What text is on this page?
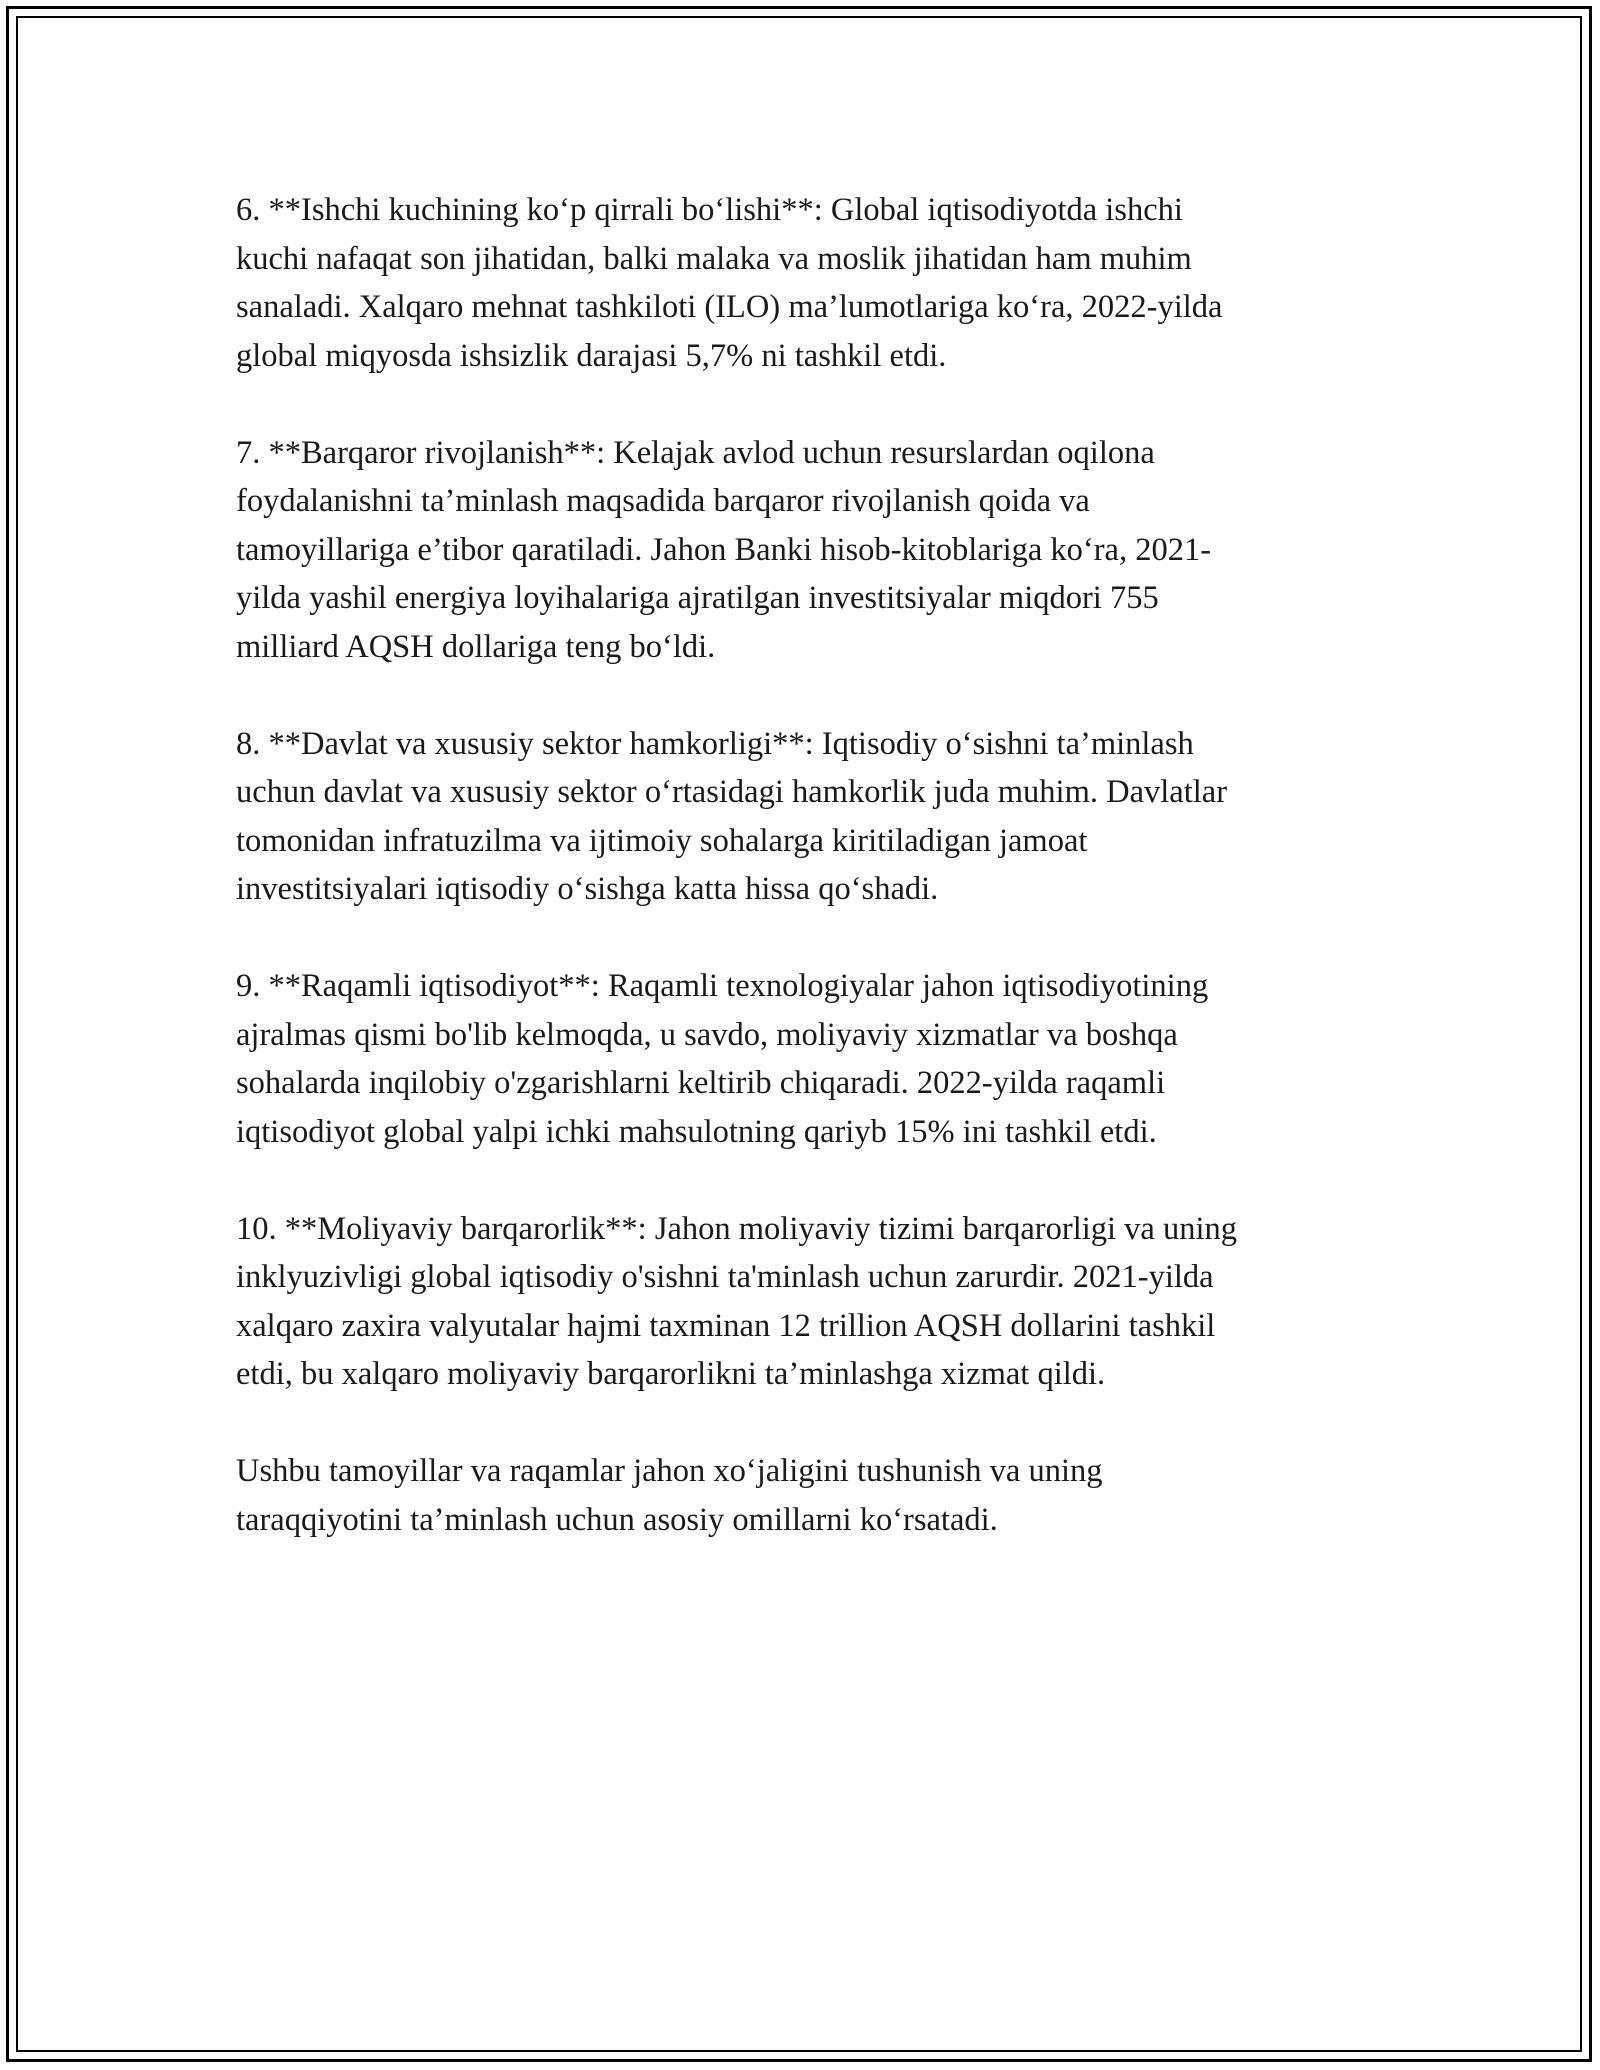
6. **Ishchi kuchining ko‘p qirrali bo‘lishi**: Global iqtisodiyotda ishchi
kuchi nafaqat son jihatidan, balki malaka va moslik jihatidan ham muhim
sanaladi. Xalqaro mehnat tashkiloti (ILO) ma’lumotlariga ko‘ra, 2022-yilda
global miqyosda ishsizlik darajasi 5,7% ni tashkil etdi.

7. **Barqaror rivojlanish**: Kelajak avlod uchun resurslardan oqilona
foydalanishni ta’minlash maqsadida barqaror rivojlanish qoida va
tamoyillariga e’tibor qaratiladi. Jahon Banki hisob-kitoblariga ko‘ra, 2021-
yilda yashil energiya loyihalariga ajratilgan investitsiyalar miqdori 755
milliard AQSH dollariga teng bo‘ldi.

8. **Davlat va xususiy sektor hamkorligi**: Iqtisodiy o‘sishni ta’minlash
uchun davlat va xususiy sektor o‘rtasidagi hamkorlik juda muhim. Davlatlar
tomonidan infratuzilma va ijtimoiy sohalarga kiritiladigan jamoat
investitsiyalari iqtisodiy o‘sishga katta hissa qo‘shadi.

9. **Raqamli iqtisodiyot**: Raqamli texnologiyalar jahon iqtisodiyotining
ajralmas qismi bo'lib kelmoqda, u savdo, moliyaviy xizmatlar va boshqa
sohalarda inqilobiy o'zgarishlarni keltirib chiqaradi. 2022-yilda raqamli
iqtisodiyot global yalpi ichki mahsulotning qariyb 15% ini tashkil etdi.

10. **Moliyaviy barqarorlik**: Jahon moliyaviy tizimi barqarorligi va uning
inklyuzivligi global iqtisodiy o'sishni ta'minlash uchun zarurdir. 2021-yilda
xalqaro zaxira valyutalar hajmi taxminan 12 trillion AQSH dollarini tashkil
etdi, bu xalqaro moliyaviy barqarorlikni ta’minlashga xizmat qildi.

Ushbu tamoyillar va raqamlar jahon xo‘jaligini tushunish va uning
taraqqiyotini ta’minlash uchun asosiy omillarni ko‘rsatadi.
